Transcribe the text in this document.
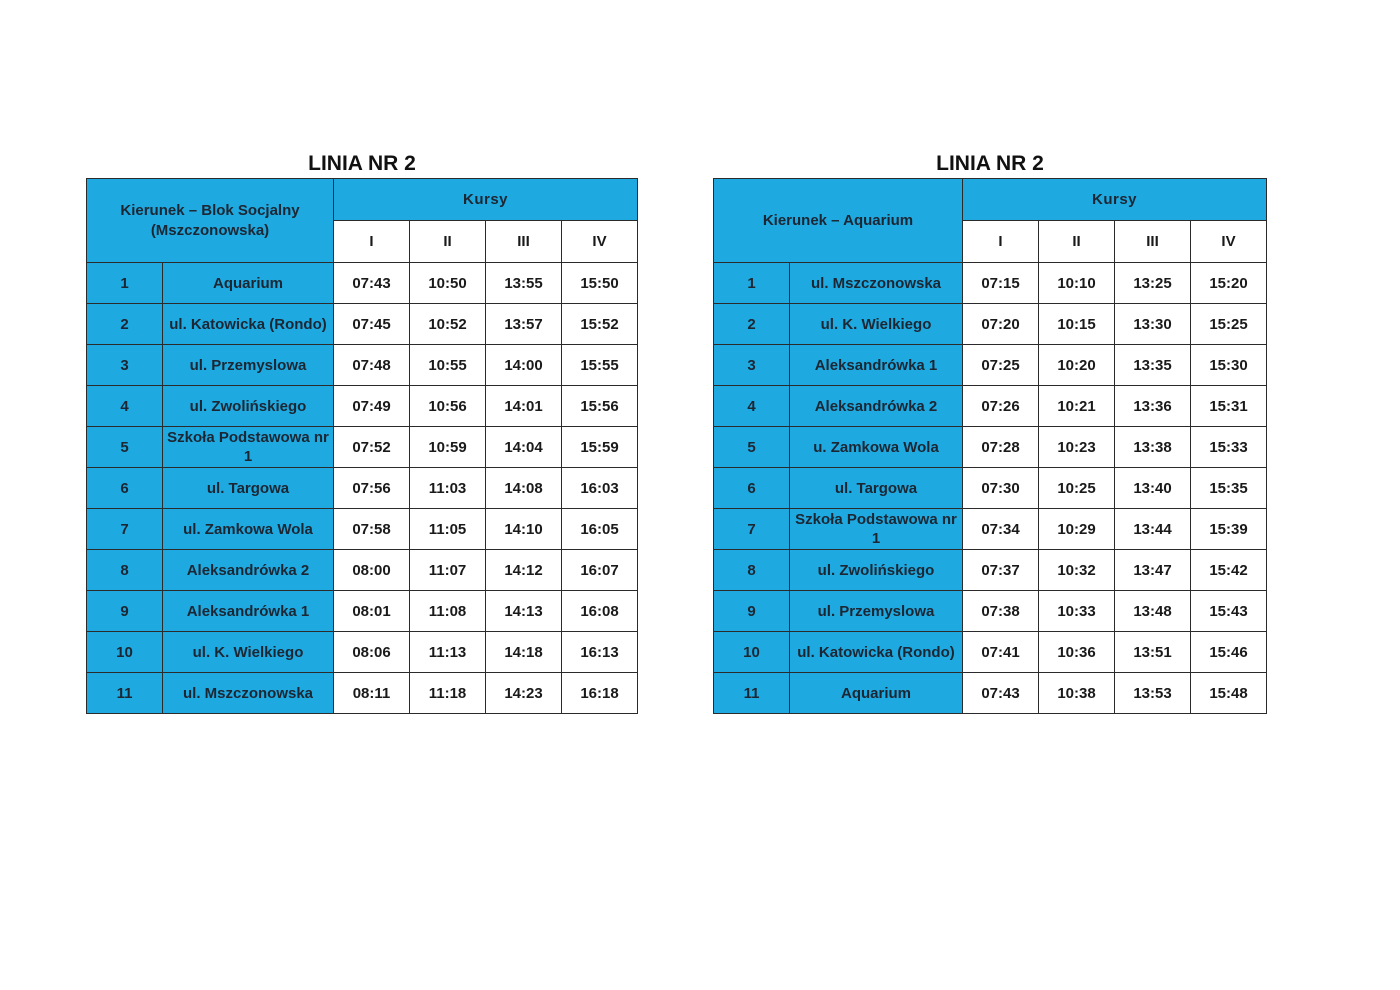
LINIA NR 2
Kierunek – Blok Socjalny (Mszczonowska)		Kursy			
		I	II	III	IV
1	Aquarium	07:43	10:50	13:55	15:50
2	ul. Katowicka (Rondo)	07:45	10:52	13:57	15:52
3	ul. Przemyslowa	07:48	10:55	14:00	15:55
4	ul. Zwolińskiego	07:49	10:56	14:01	15:56
5	Szkoła Podstawowa nr 1	07:52	10:59	14:04	15:59
6	ul. Targowa	07:56	11:03	14:08	16:03
7	ul. Zamkowa Wola	07:58	11:05	14:10	16:05
8	Aleksandrówka 2	08:00	11:07	14:12	16:07
9	Aleksandrówka 1	08:01	11:08	14:13	16:08
10	ul. K. Wielkiego	08:06	11:13	14:18	16:13
11	ul. Mszczonowska	08:11	11:18	14:23	16:18
LINIA NR 2
Kierunek – Aquarium		Kursy			
		I	II	III	IV
1	ul. Mszczonowska	07:15	10:10	13:25	15:20
2	ul. K. Wielkiego	07:20	10:15	13:30	15:25
3	Aleksandrówka 1	07:25	10:20	13:35	15:30
4	Aleksandrówka 2	07:26	10:21	13:36	15:31
5	u. Zamkowa Wola	07:28	10:23	13:38	15:33
6	ul. Targowa	07:30	10:25	13:40	15:35
7	Szkoła Podstawowa nr 1	07:34	10:29	13:44	15:39
8	ul. Zwolińskiego	07:37	10:32	13:47	15:42
9	ul. Przemyslowa	07:38	10:33	13:48	15:43
10	ul. Katowicka (Rondo)	07:41	10:36	13:51	15:46
11	Aquarium	07:43	10:38	13:53	15:48
